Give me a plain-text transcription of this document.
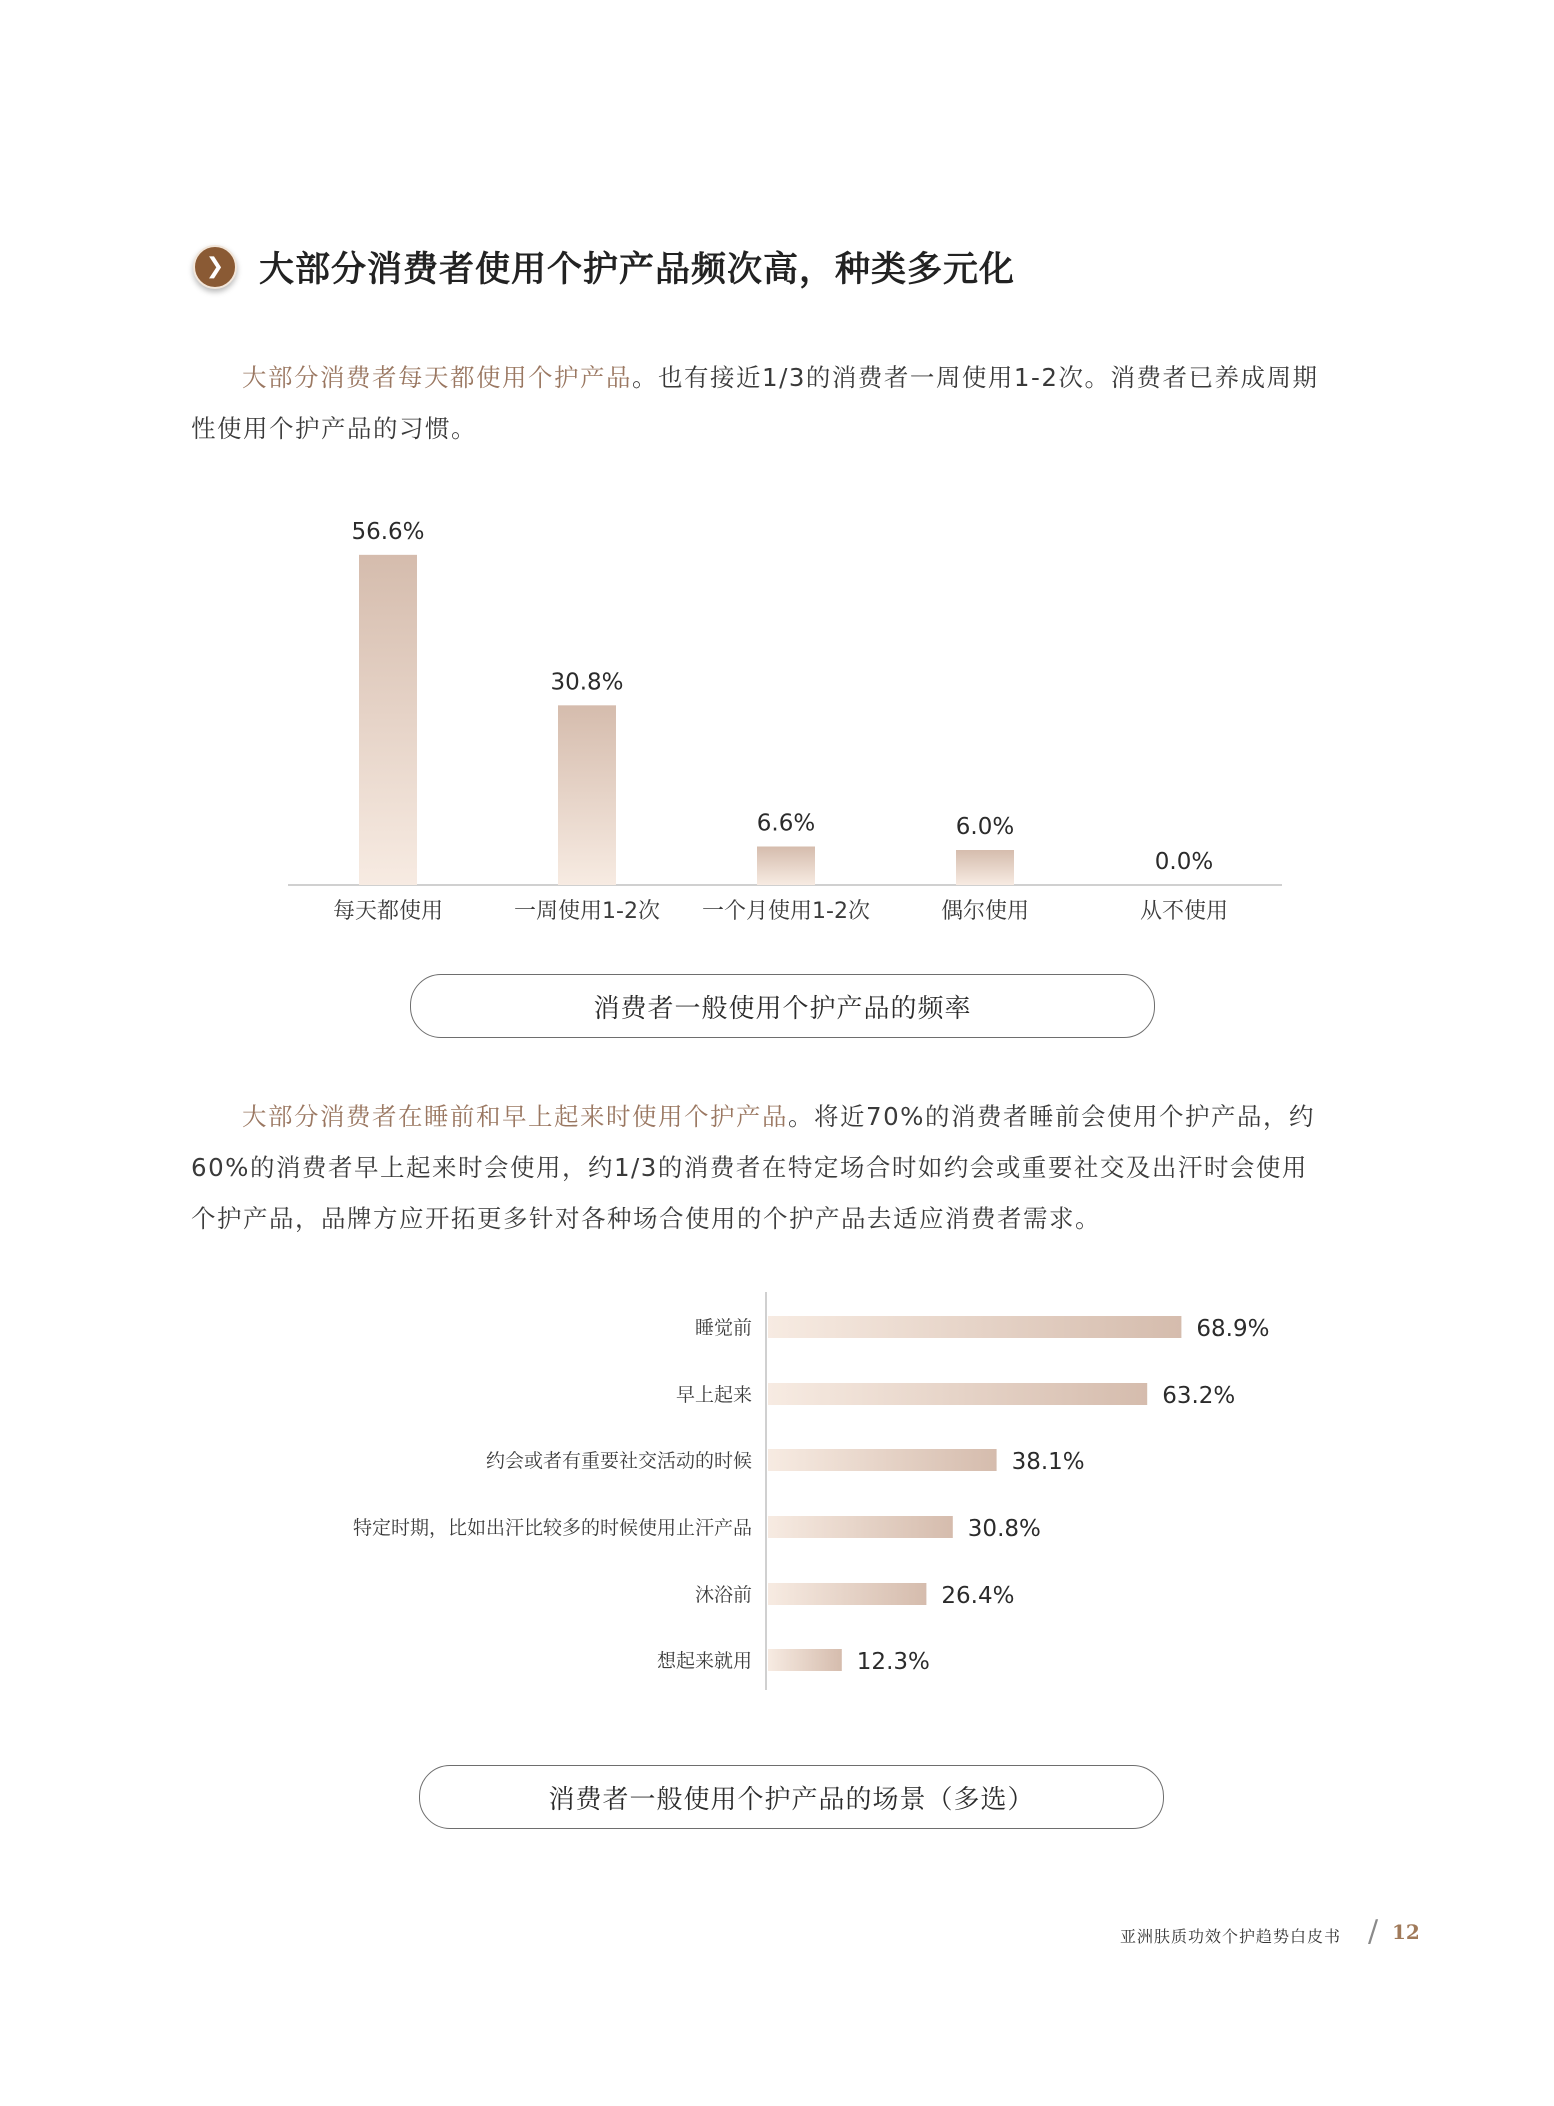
❯ 大部分消费者使用个护产品频次高，种类多元化
大部分消费者每天都使用个护产品。也有接近1/3的消费者一周使用1-2次。消费者已养成周期
性使用个护产品的习惯。
56.6%
每天都使用
30.8%
一周使用1-2次
6.6%
一个月使用1-2次
6.0%
偶尔使用
0.0%
从不使用
消费者一般使用个护产品的频率
大部分消费者在睡前和早上起来时使用个护产品。将近70%的消费者睡前会使用个护产品，约
60%的消费者早上起来时会使用，约1/3的消费者在特定场合时如约会或重要社交及出汗时会使用
个护产品，品牌方应开拓更多针对各种场合使用的个护产品去适应消费者需求。
68.9%
睡觉前
63.2%
早上起来
38.1%
约会或者有重要社交活动的时候
30.8%
特定时期，比如出汗比较多的时候使用止汗产品
26.4%
沐浴前
12.3%
想起来就用
消费者一般使用个护产品的场景（多选）
亚洲肤质功效个护趋势白皮书 / 12
